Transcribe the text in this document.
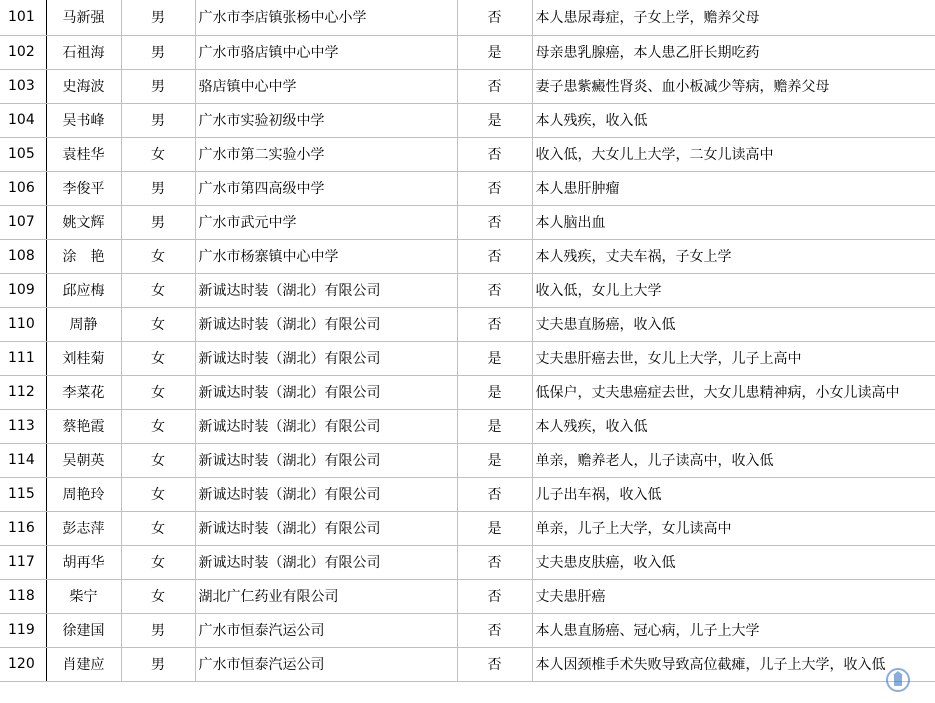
101	马新强	男	广水市李店镇张杨中心小学	否	本人患尿毒症，子女上学，赡养父母
102	石祖海	男	广水市骆店镇中心中学	是	母亲患乳腺癌，本人患乙肝长期吃药
103	史海波	男	骆店镇中心中学	否	妻子患紫癜性肾炎、血小板减少等病，赡养父母
104	吴书峰	男	广水市实验初级中学	是	本人残疾，收入低
105	袁桂华	女	广水市第二实验小学	否	收入低，大女儿上大学，二女儿读高中
106	李俊平	男	广水市第四高级中学	否	本人患肝肿瘤
107	姚文辉	男	广水市武元中学	否	本人脑出血
108	涂　艳	女	广水市杨寨镇中心中学	否	本人残疾，丈夫车祸，子女上学
109	邱应梅	女	新诚达时装（湖北）有限公司	否	收入低，女儿上大学
110	周静	女	新诚达时装（湖北）有限公司	否	丈夫患直肠癌，收入低
111	刘桂菊	女	新诚达时装（湖北）有限公司	是	丈夫患肝癌去世，女儿上大学，儿子上高中
112	李菜花	女	新诚达时装（湖北）有限公司	是	低保户，丈夫患癌症去世，大女儿患精神病，小女儿读高中
113	蔡艳霞	女	新诚达时装（湖北）有限公司	是	本人残疾，收入低
114	吴朝英	女	新诚达时装（湖北）有限公司	是	单亲，赡养老人，儿子读高中，收入低
115	周艳玲	女	新诚达时装（湖北）有限公司	否	儿子出车祸，收入低
116	彭志萍	女	新诚达时装（湖北）有限公司	是	单亲，儿子上大学，女儿读高中
117	胡再华	女	新诚达时装（湖北）有限公司	否	丈夫患皮肤癌，收入低
118	柴宁	女	湖北广仁药业有限公司	否	丈夫患肝癌
119	徐建国	男	广水市恒泰汽运公司	否	本人患直肠癌、冠心病，儿子上大学
120	肖建应	男	广水市恒泰汽运公司	否	本人因颈椎手术失败导致高位截瘫，儿子上大学，收入低
